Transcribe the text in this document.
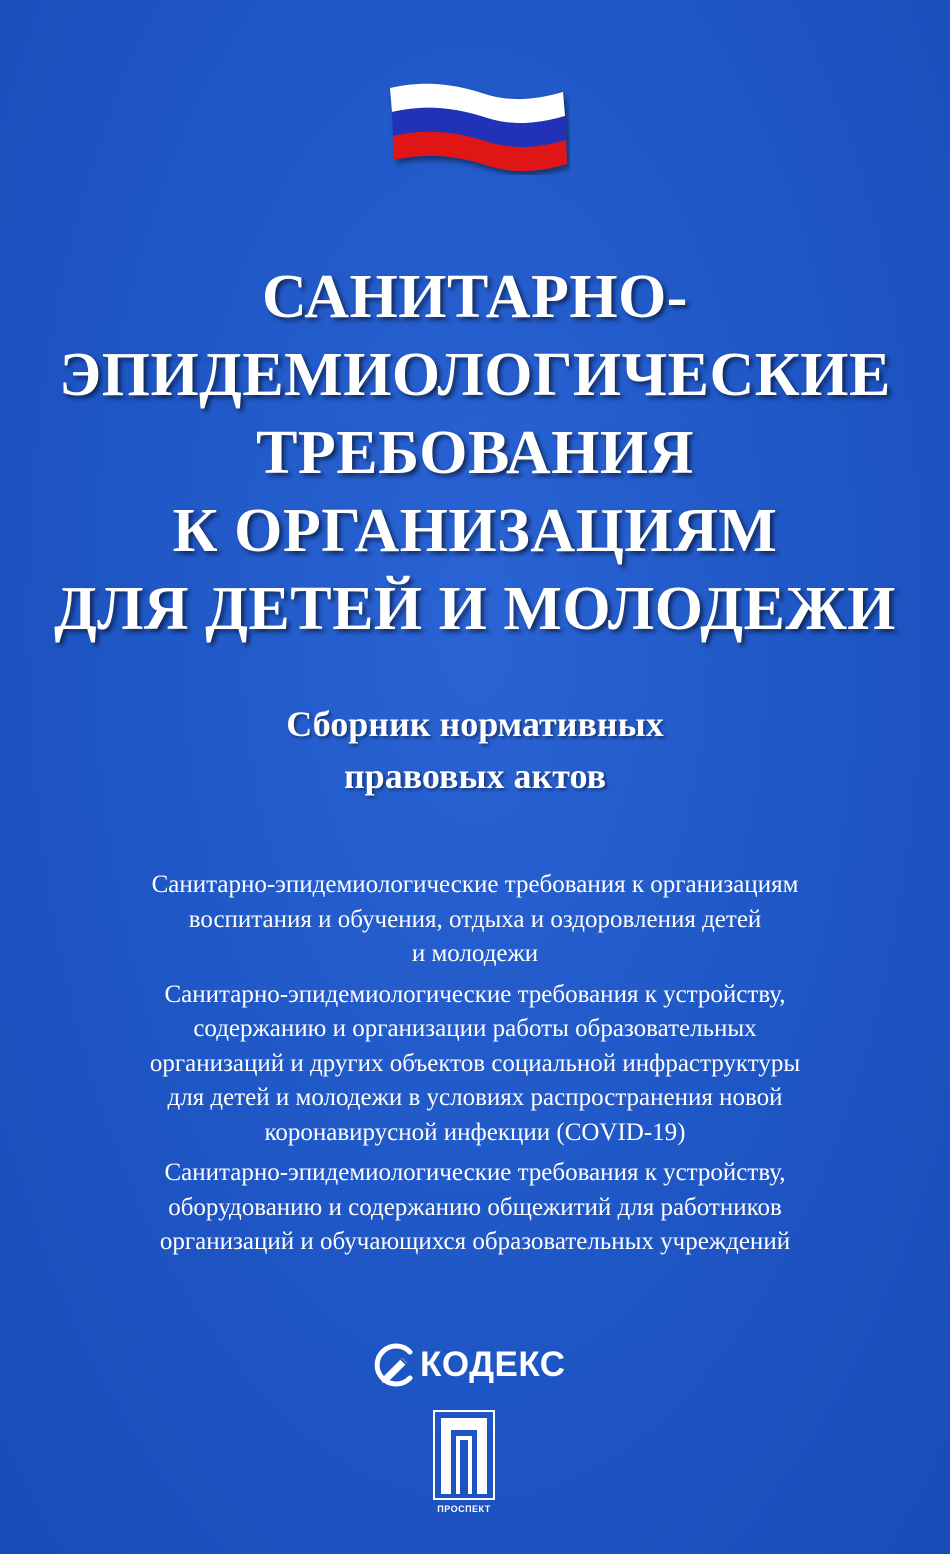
САНИТАРНО-
ЭПИДЕМИОЛОГИЧЕСКИЕ
ТРЕБОВАНИЯ
К ОРГАНИЗАЦИЯМ
ДЛЯ ДЕТЕЙ И МОЛОДЕЖИ
Сборник нормативных
правовых актов
Санитарно-эпидемиологические требования к организациям
воспитания и обучения, отдыха и оздоровления детей
и молодежи
Санитарно-эпидемиологические требования к устройству,
содержанию и организации работы образовательных
организаций и других объектов социальной инфраструктуры
для детей и молодежи в условиях распространения новой
коронавирусной инфекции (COVID-19)
Санитарно-эпидемиологические требования к устройству,
оборудованию и содержанию общежитий для работников
организаций и обучающихся образовательных учреждений
КОДЕКС
ПРОСПЕКТ
